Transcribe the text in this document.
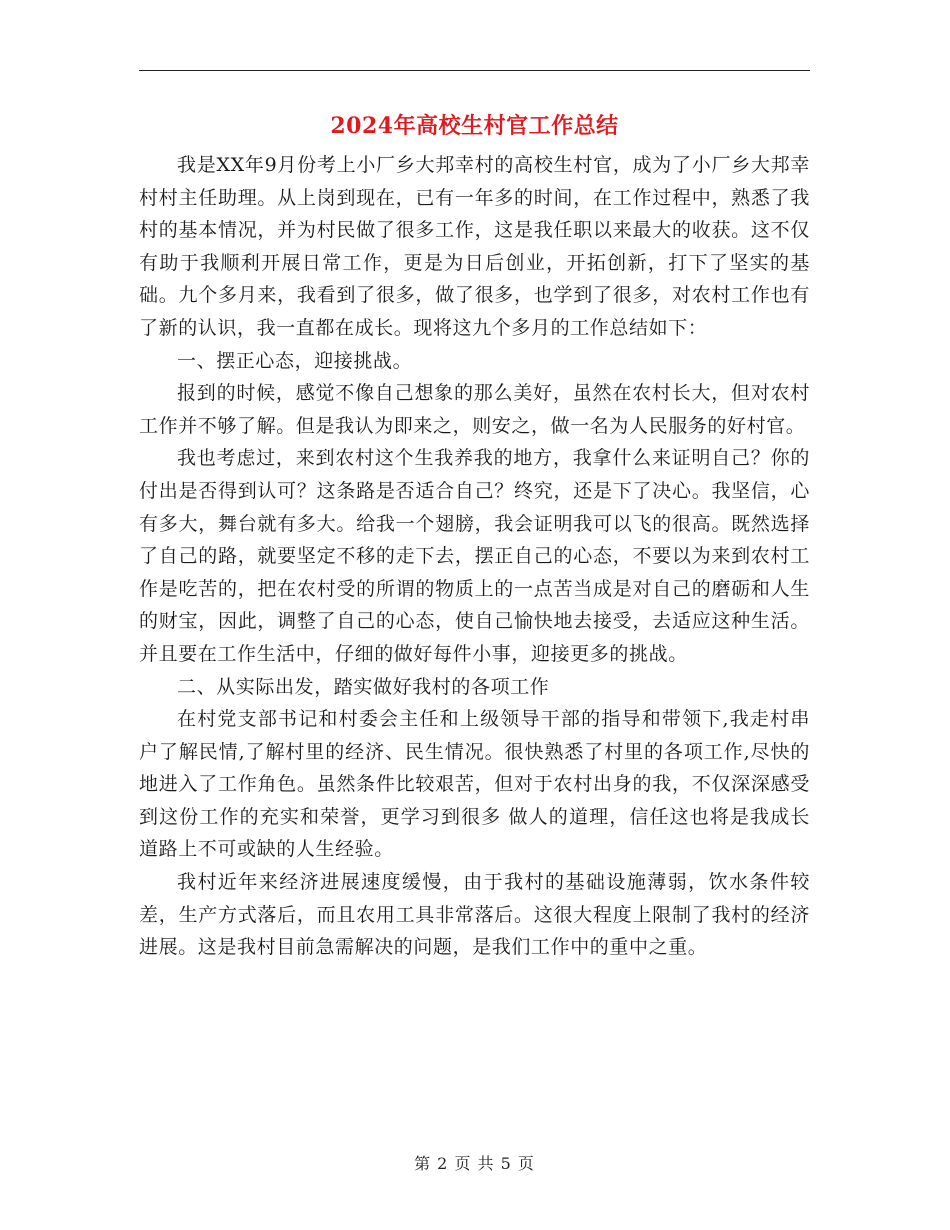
2024年高校生村官工作总结

我是XX年9月份考上小厂乡大邦幸村的高校生村官，成为了小厂乡大邦幸村村主任助理。从上岗到现在，已有一年多的时间，在工作过程中，熟悉了我村的基本情况，并为村民做了很多工作，这是我任职以来最大的收获。这不仅有助于我顺利开展日常工作，更是为日后创业，开拓创新，打下了坚实的基础。九个多月来，我看到了很多，做了很多，也学到了很多，对农村工作也有了新的认识，我一直都在成长。现将这九个多月的工作总结如下：

一、摆正心态，迎接挑战。

报到的时候，感觉不像自己想象的那么美好，虽然在农村长大，但对农村工作并不够了解。但是我认为即来之，则安之，做一名为人民服务的好村官。

我也考虑过，来到农村这个生我养我的地方，我拿什么来证明自己？你的付出是否得到认可？这条路是否适合自己？终究，还是下了决心。我坚信，心有多大，舞台就有多大。给我一个翅膀，我会证明我可以飞的很高。既然选择了自己的路，就要坚定不移的走下去，摆正自己的心态，不要以为来到农村工作是吃苦的，把在农村受的所谓的物质上的一点苦当成是对自己的磨砺和人生的财宝，因此，调整了自己的心态，使自己愉快地去接受，去适应这种生活。并且要在工作生活中，仔细的做好每件小事，迎接更多的挑战。

二、从实际出发，踏实做好我村的各项工作

在村党支部书记和村委会主任和上级领导干部的指导和带领下,我走村串户了解民情,了解村里的经济、民生情况。很快熟悉了村里的各项工作,尽快的地进入了工作角色。虽然条件比较艰苦，但对于农村出身的我，不仅深深感受到这份工作的充实和荣誉，更学习到很多 做人的道理，信任这也将是我成长道路上不可或缺的人生经验。

我村近年来经济进展速度缓慢，由于我村的基础设施薄弱，饮水条件较差，生产方式落后，而且农用工具非常落后。这很大程度上限制了我村的经济进展。这是我村目前急需解决的问题，是我们工作中的重中之重。

第 2 页 共 5 页
